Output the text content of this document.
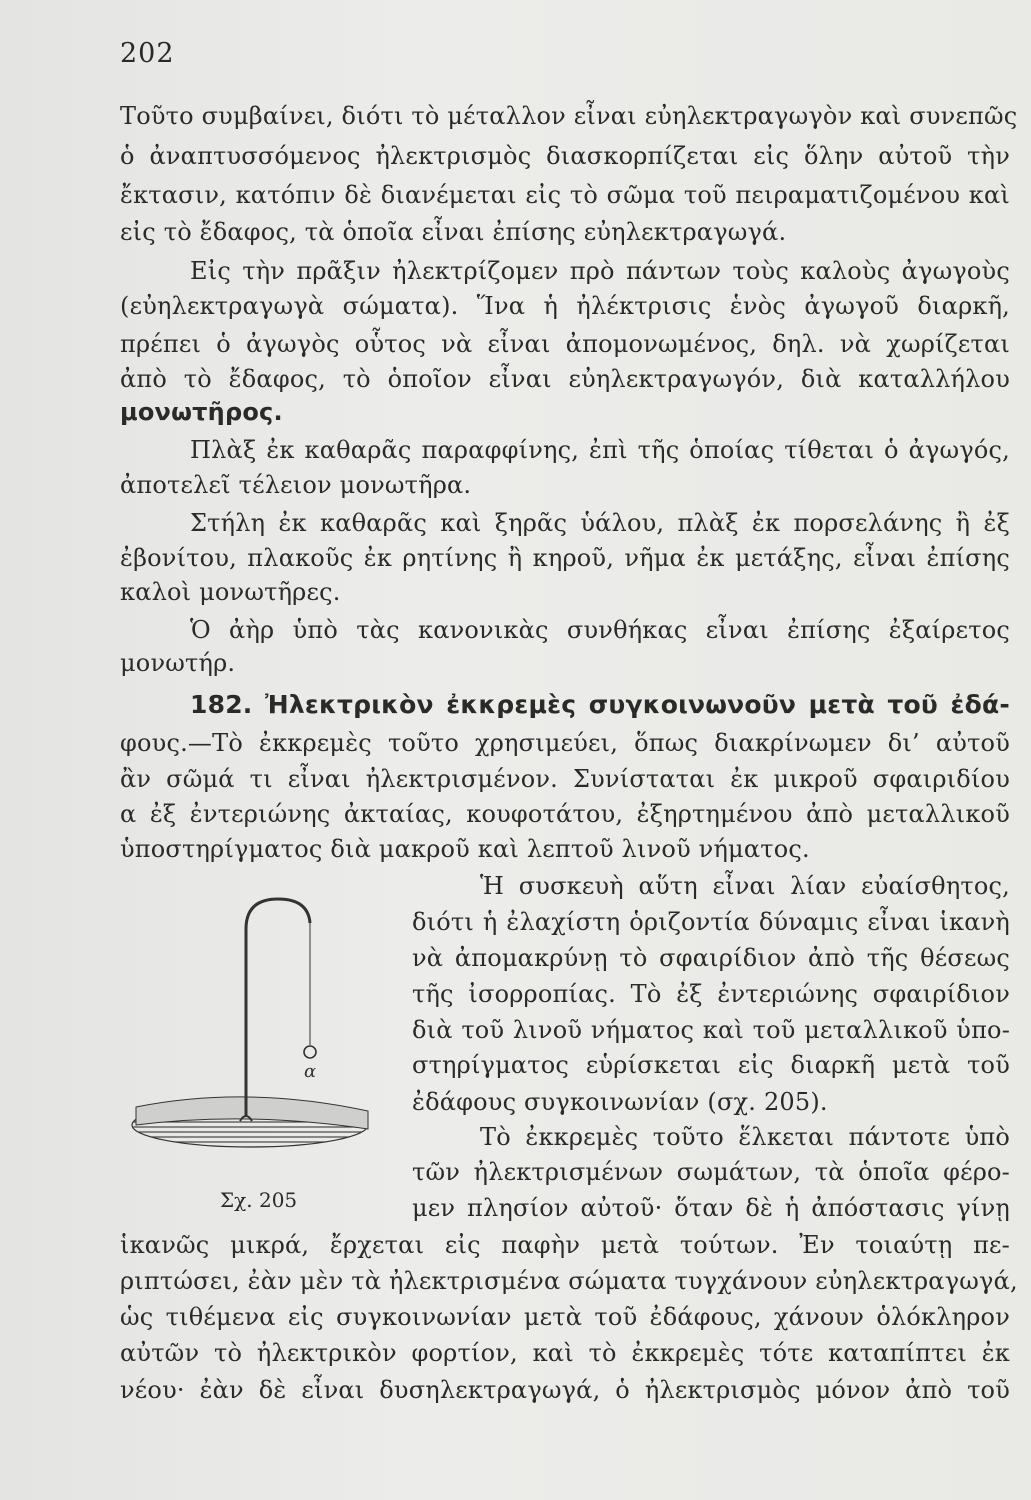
202
Τοῦτο συμβαίνει, διότι τὸ μέταλλον εἶναι εὐηλεκτραγωγὸν καὶ συνεπῶς
ὁ ἀναπτυσσόμενος ἠλεκτρισμὸς διασκορπίζεται εἰς ὅλην αὐτοῦ τὴν
ἔκτασιν, κατόπιν δὲ διανέμεται εἰς τὸ σῶμα τοῦ πειραματιζομένου καὶ
εἰς τὸ ἔδαφος, τὰ ὁποῖα εἶναι ἐπίσης εὐηλεκτραγωγά.
Εἰς τὴν πρᾶξιν ἠλεκτρίζομεν πρὸ πάντων τοὺς καλοὺς ἀγωγοὺς
(εὐηλεκτραγωγὰ σώματα). Ἵνα ἡ ἠλέκτρισις ἑνὸς ἀγωγοῦ διαρκῆ,
πρέπει ὁ ἀγωγὸς οὗτος νὰ εἶναι ἀπομονωμένος, δηλ. νὰ χωρίζεται
ἀπὸ τὸ ἔδαφος, τὸ ὁποῖον εἶναι εὐηλεκτραγωγόν, διὰ καταλλήλου
μονωτῆρος.
Πλὰξ ἐκ καθαρᾶς παραφφίνης, ἐπὶ τῆς ὁποίας τίθεται ὁ ἀγωγός,
ἀποτελεῖ τέλειον μονωτῆρα.
Στήλη ἐκ καθαρᾶς καὶ ξηρᾶς ὑάλου, πλὰξ ἐκ πορσελάνης ἢ ἐξ
ἐβονίτου, πλακοῦς ἐκ ρητίνης ἢ κηροῦ, νῆμα ἐκ μετάξης, εἶναι ἐπίσης
καλοὶ μονωτῆρες.
Ὁ ἀὴρ ὑπὸ τὰς κανονικὰς συνθήκας εἶναι ἐπίσης ἐξαίρετος
μονωτήρ.
182. Ἠλεκτρικὸν ἐκκρεμὲς συγκοινωνοῦν μετὰ τοῦ ἐδά-
φους.—Τὸ ἐκκρεμὲς τοῦτο χρησιμεύει, ὅπως διακρίνωμεν δι’ αὐτοῦ
ἂν σῶμά τι εἶναι ἠλεκτρισμένον. Συνίσταται ἐκ μικροῦ σφαιριδίου
α ἐξ ἐντεριώνης ἀκταίας, κουφοτάτου, ἐξηρτημένου ἀπὸ μεταλλικοῦ
ὑποστηρίγματος διὰ μακροῦ καὶ λεπτοῦ λινοῦ νήματος.
Ἡ συσκευὴ αὕτη εἶναι λίαν εὐαίσθητος,
διότι ἡ ἐλαχίστη ὁριζοντία δύναμις εἶναι ἱκανὴ
νὰ ἀπομακρύνῃ τὸ σφαιρίδιον ἀπὸ τῆς θέσεως
τῆς ἰσορροπίας. Τὸ ἐξ ἐντεριώνης σφαιρίδιον
διὰ τοῦ λινοῦ νήματος καὶ τοῦ μεταλλικοῦ ὑπο-
στηρίγματος εὑρίσκεται εἰς διαρκῆ μετὰ τοῦ
ἐδάφους συγκοινωνίαν (σχ. 205).
Τὸ ἐκκρεμὲς τοῦτο ἕλκεται πάντοτε ὑπὸ
τῶν ἠλεκτρισμένων σωμάτων, τὰ ὁποῖα φέρο-
μεν πλησίον αὐτοῦ· ὅταν δὲ ἡ ἀπόστασις γίνῃ
ἱκανῶς μικρά, ἔρχεται εἰς παφὴν μετὰ τούτων. Ἐν τοιαύτῃ πε-
ριπτώσει, ἐὰν μὲν τὰ ἠλεκτρισμένα σώματα τυγχάνουν εὐηλεκτραγωγά,
ὡς τιθέμενα εἰς συγκοινωνίαν μετὰ τοῦ ἐδάφους, χάνουν ὁλόκληρον
αὐτῶν τὸ ἠλεκτρικὸν φορτίον, καὶ τὸ ἐκκρεμὲς τότε καταπίπτει ἐκ
νέου· ἐὰν δὲ εἶναι δυσηλεκτραγωγά, ὁ ἠλεκτρισμὸς μόνον ἀπὸ τοῦ
α
Σχ. 205
